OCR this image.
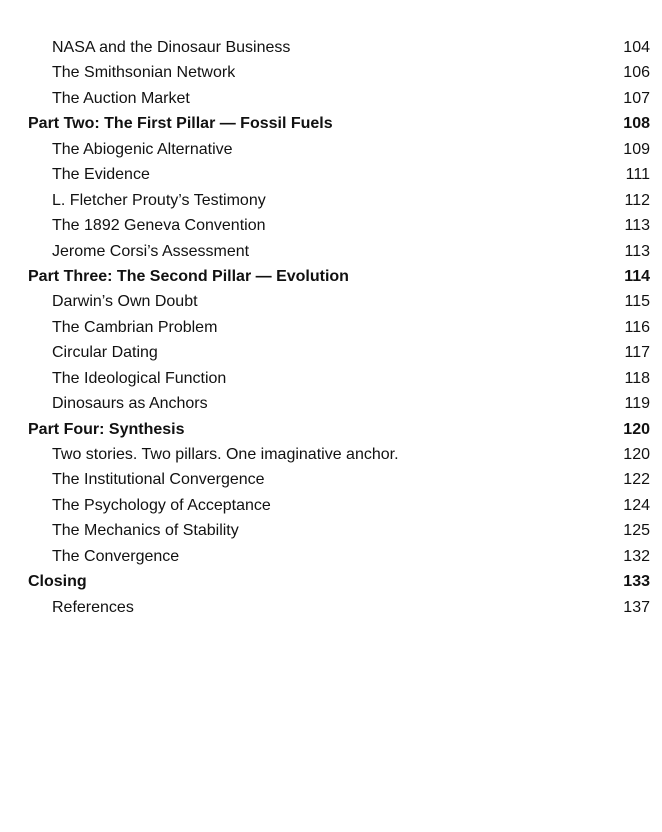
NASA and the Dinosaur Business	104
The Smithsonian Network	106
The Auction Market	107
Part Two: The First Pillar — Fossil Fuels	108
The Abiogenic Alternative	109
The Evidence	111
L. Fletcher Prouty’s Testimony	112
The 1892 Geneva Convention	113
Jerome Corsi’s Assessment	113
Part Three: The Second Pillar — Evolution	114
Darwin’s Own Doubt	115
The Cambrian Problem	116
Circular Dating	117
The Ideological Function	118
Dinosaurs as Anchors	119
Part Four: Synthesis	120
Two stories. Two pillars. One imaginative anchor.	120
The Institutional Convergence	122
The Psychology of Acceptance	124
The Mechanics of Stability	125
The Convergence	132
Closing	133
References	137
